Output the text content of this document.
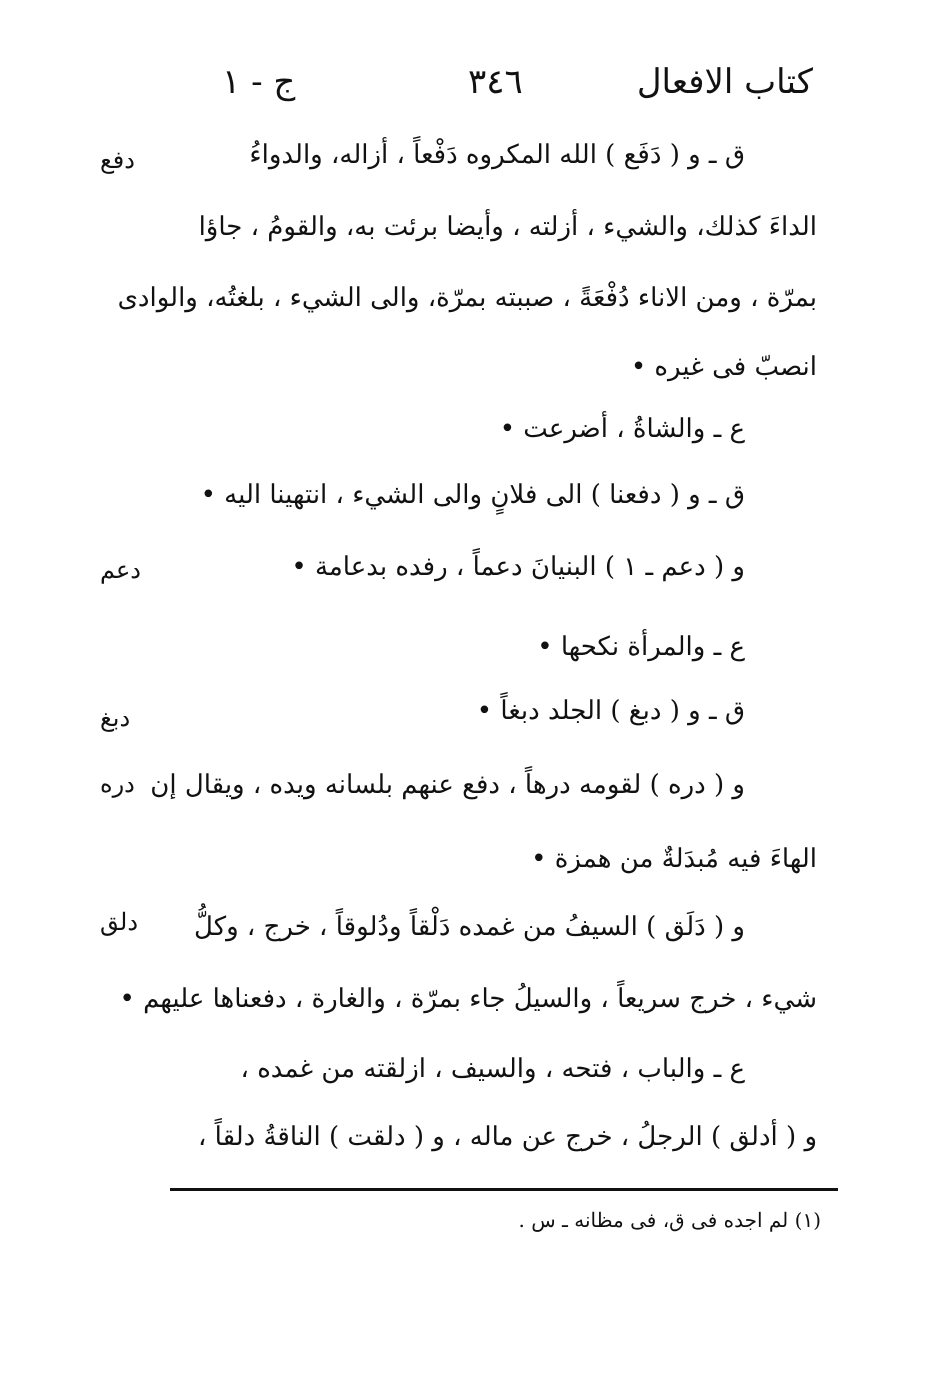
كتاب الافعال
٣٤٦
ج - ١
دفع
دعم
دبغ
دره
دلق
ق ـ و ( دَفَع ) الله المكروه دَفْعاً ، أزاله، والدواءُ
الداءَ كذلك، والشيء ، أزلته ، وأيضا برئت به، والقومُ ، جاؤا
بمرّة ، ومن الاناء دُفْعَةً ، صببته بمرّة، والى الشيء ، بلغتُه، والوادى
انصبّ فى غيره •
ع ـ والشاةُ ، أضرعت •
ق ـ و ( دفعنا ) الى فلانٍ والى الشيء ، انتهينا اليه •
و ( دعم ـ ١ ) البنيانَ دعماً ، رفده بدعامة •
ع ـ والمرأة نكحها •
ق ـ و ( دبغ ) الجلد دبغاً •
و ( دره ) لقومه درهاً ، دفع عنهم بلسانه ويده ، ويقال إن
الهاءَ فيه مُبدَلةٌ من همزة •
و ( دَلَق ) السيفُ من غمده دَلْقاً ودُلوقاً ، خرج ، وكلُّ
شيء ، خرج سريعاً ، والسيلُ جاء بمرّة ، والغارة ، دفعناها عليهم •
ع ـ والباب ، فتحه ، والسيف ، ازلقته من غمده ،
و ( أدلق ) الرجلُ ، خرج عن ماله ، و ( دلقت ) الناقةُ دلقاً ،
(١) لم اجده فى ق، فى مظانه ـ س .
